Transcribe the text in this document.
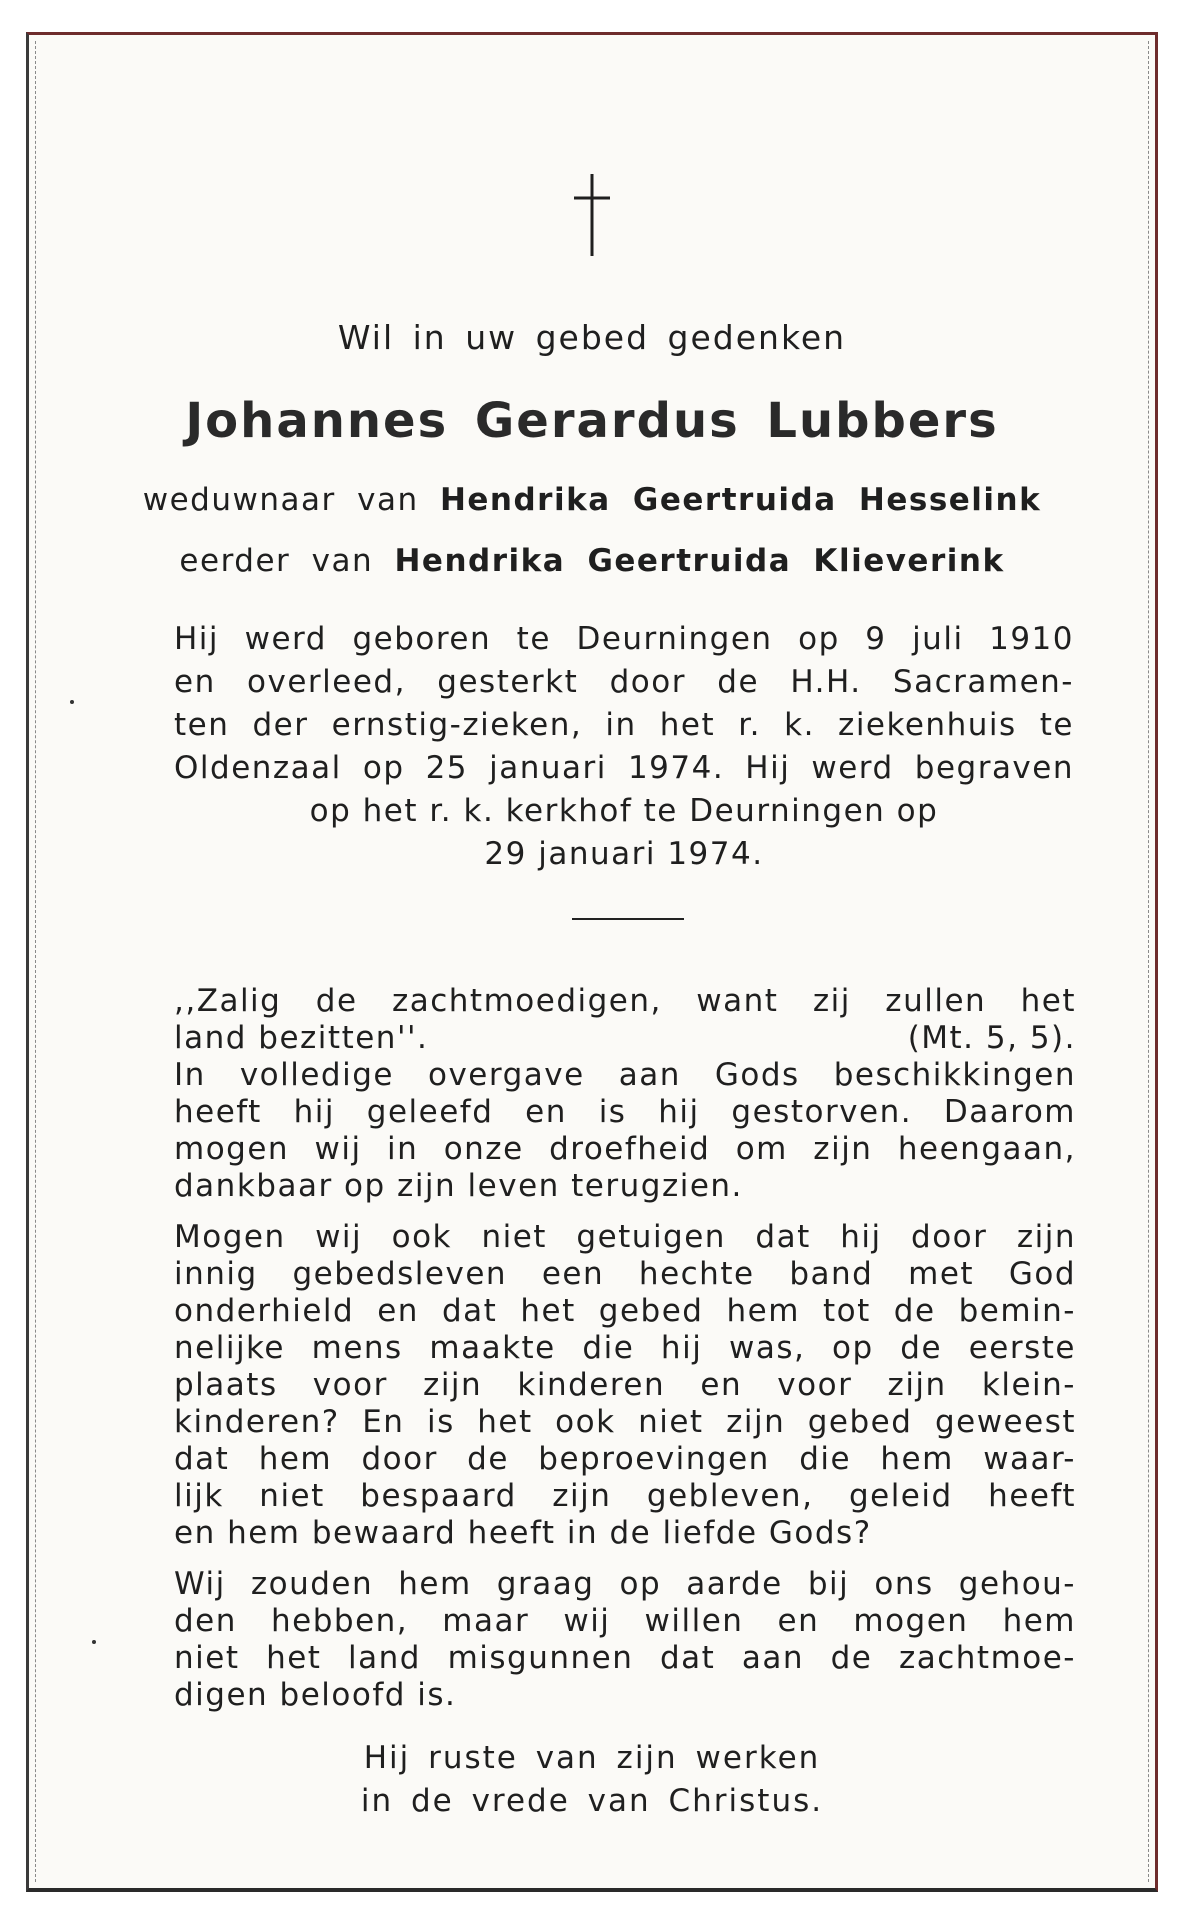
Wil in uw gebed gedenken
Johannes Gerardus Lubbers
weduwnaar van Hendrika Geertruida Hesselink
eerder van Hendrika Geertruida Klieverink
Hij werd geboren te Deurningen op 9 juli 1910
en overleed, gesterkt door de H.H. Sacramen-
ten der ernstig-zieken, in het r. k. ziekenhuis te
Oldenzaal op 25 januari 1974. Hij werd begraven
op het r. k. kerkhof te Deurningen op
29 januari 1974.
,,Zalig de zachtmoedigen, want zij zullen het
land bezitten''.	(Mt. 5, 5).
In volledige overgave aan Gods beschikkingen
heeft hij geleefd en is hij gestorven. Daarom
mogen wij in onze droefheid om zijn heengaan,
dankbaar op zijn leven terugzien.
Mogen wij ook niet getuigen dat hij door zijn
innig gebedsleven een hechte band met God
onderhield en dat het gebed hem tot de bemin-
nelijke mens maakte die hij was, op de eerste
plaats voor zijn kinderen en voor zijn klein-
kinderen? En is het ook niet zijn gebed geweest
dat hem door de beproevingen die hem waar-
lijk niet bespaard zijn gebleven, geleid heeft
en hem bewaard heeft in de liefde Gods?
Wij zouden hem graag op aarde bij ons gehou-
den hebben, maar wij willen en mogen hem
niet het land misgunnen dat aan de zachtmoe-
digen beloofd is.
Hij ruste van zijn werken
in de vrede van Christus.
